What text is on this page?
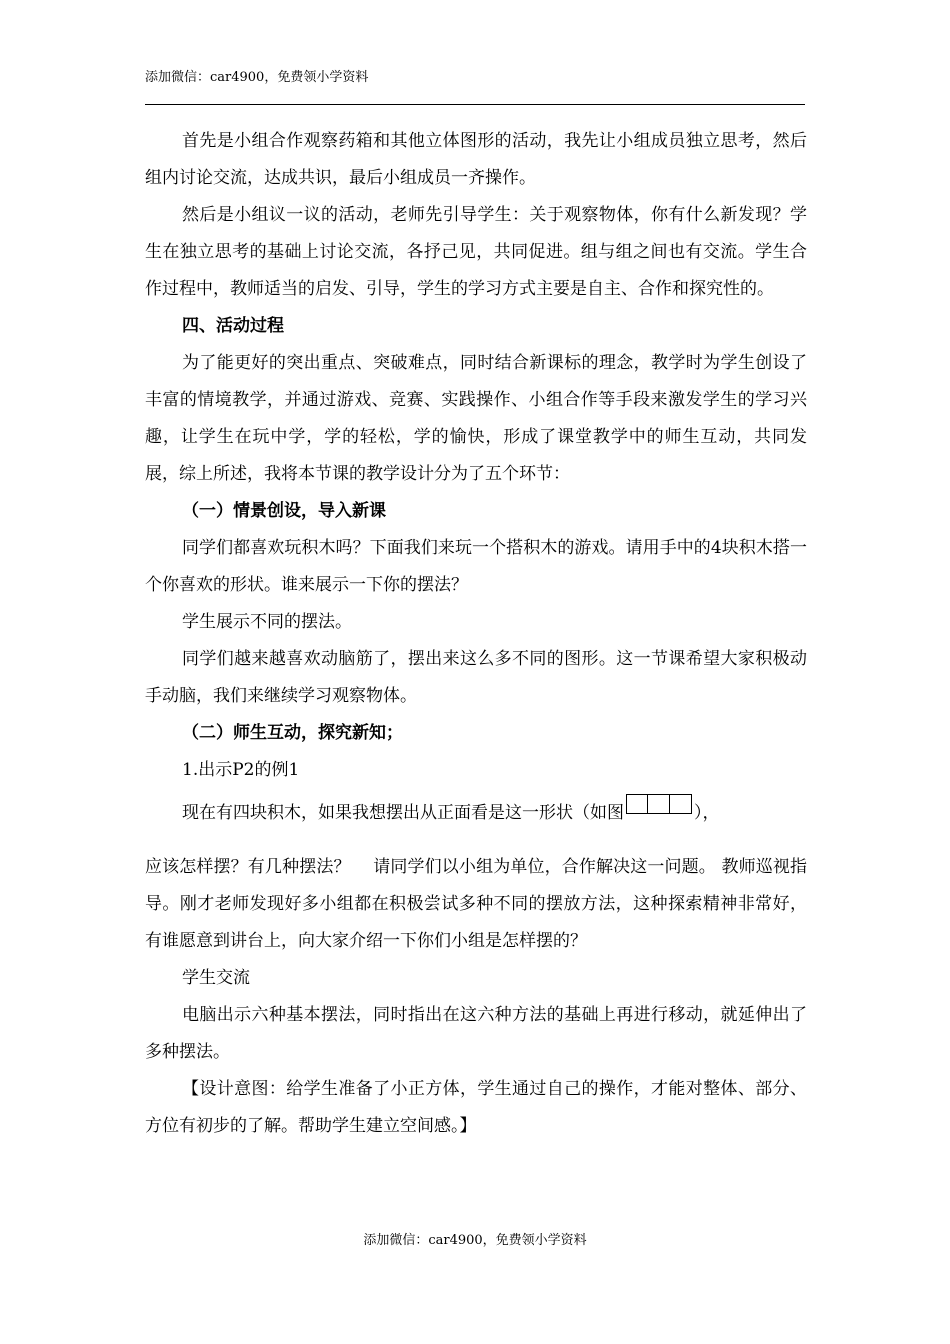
添加微信：car4900，免费领小学资料

首先是小组合作观察药箱和其他立体图形的活动，我先让小组成员独立思考，然后组内讨论交流，达成共识，最后小组成员一齐操作。

然后是小组议一议的活动，老师先引导学生：关于观察物体，你有什么新发现？学生在独立思考的基础上讨论交流，各抒己见，共同促进。组与组之间也有交流。学生合作过程中，教师适当的启发、引导，学生的学习方式主要是自主、合作和探究性的。

四、活动过程

为了能更好的突出重点、突破难点，同时结合新课标的理念，教学时为学生创设了丰富的情境教学，并通过游戏、竞赛、实践操作、小组合作等手段来激发学生的学习兴趣，让学生在玩中学，学的轻松，学的愉快，形成了课堂教学中的师生互动，共同发展，综上所述，我将本节课的教学设计分为了五个环节：

（一）情景创设，导入新课

同学们都喜欢玩积木吗？下面我们来玩一个搭积木的游戏。请用手中的4块积木搭一个你喜欢的形状。谁来展示一下你的摆法？

学生展示不同的摆法。

同学们越来越喜欢动脑筋了，摆出来这么多不同的图形。这一节课希望大家积极动手动脑，我们来继续学习观察物体。

（二）师生互动，探究新知；

1.出示P2的例1

现在有四块积木，如果我想摆出从正面看是这一形状（如图	），

应该怎样摆？有几种摆法？　 请同学们以小组为单位，合作解决这一问题。 教师巡视指导。刚才老师发现好多小组都在积极尝试多种不同的摆放方法，这种探索精神非常好，有谁愿意到讲台上，向大家介绍一下你们小组是怎样摆的？

学生交流

电脑出示六种基本摆法，同时指出在这六种方法的基础上再进行移动，就延伸出了多种摆法。

【设计意图：给学生准备了小正方体，学生通过自己的操作，才能对整体、部分、方位有初步的了解。帮助学生建立空间感。】

添加微信：car4900，免费领小学资料
